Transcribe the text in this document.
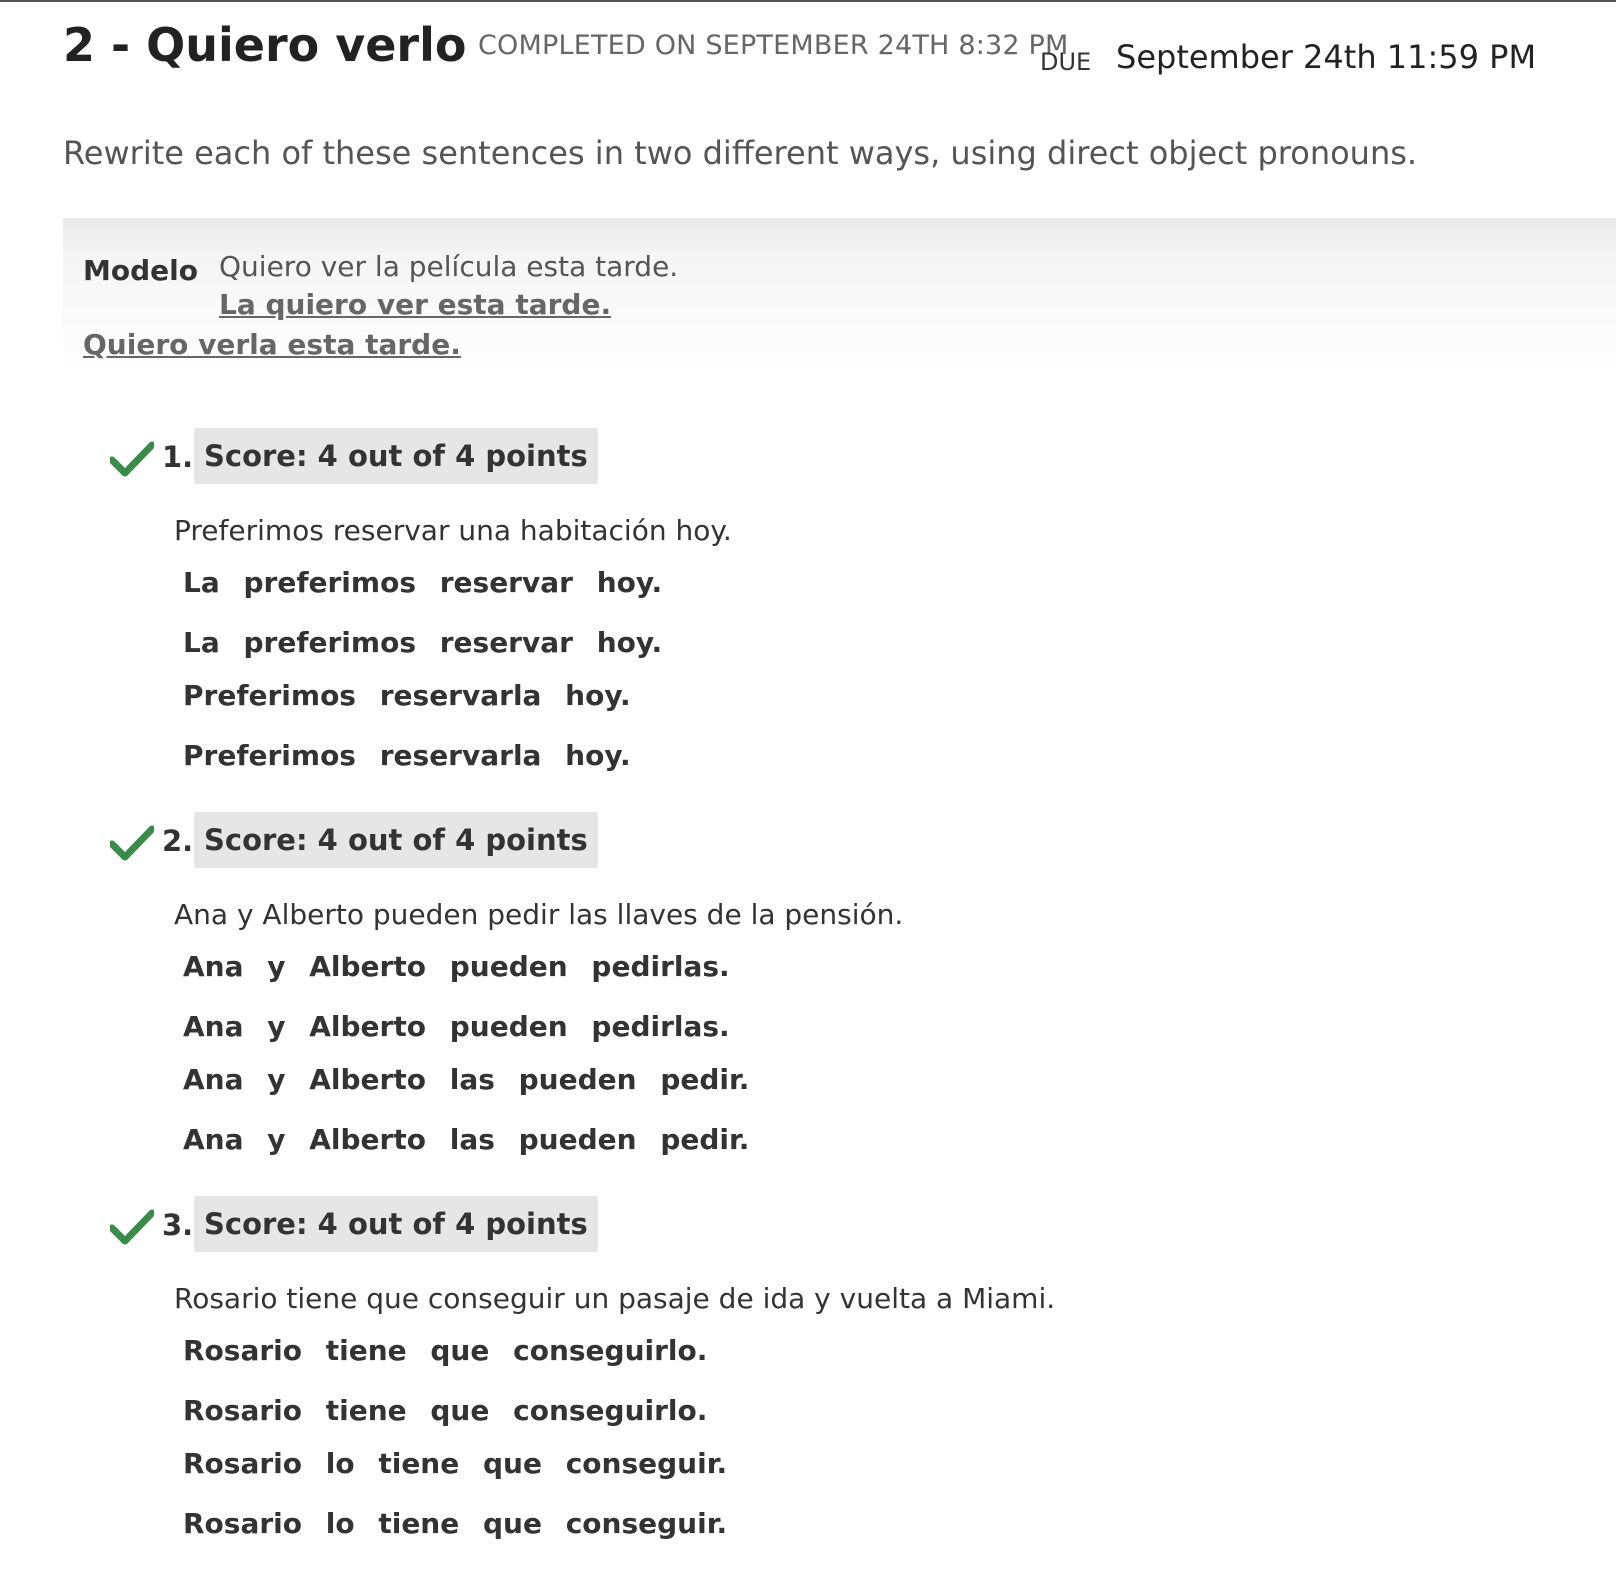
2 - Quiero verlo COMPLETED ON SEPTEMBER 24TH 8:32 PM
DUE September 24th 11:59 PM
Rewrite each of these sentences in two different ways, using direct object pronouns.
Modelo Quiero ver la película esta tarde.
La quiero ver esta tarde.
Quiero verla esta tarde.
1. Score: 4 out of 4 points
Preferimos reservar una habitación hoy.
La preferimos reservar hoy.
La preferimos reservar hoy.
Preferimos reservarla hoy.
Preferimos reservarla hoy.
2. Score: 4 out of 4 points
Ana y Alberto pueden pedir las llaves de la pensión.
Ana y Alberto pueden pedirlas.
Ana y Alberto pueden pedirlas.
Ana y Alberto las pueden pedir.
Ana y Alberto las pueden pedir.
3. Score: 4 out of 4 points
Rosario tiene que conseguir un pasaje de ida y vuelta a Miami.
Rosario tiene que conseguirlo.
Rosario tiene que conseguirlo.
Rosario lo tiene que conseguir.
Rosario lo tiene que conseguir.
